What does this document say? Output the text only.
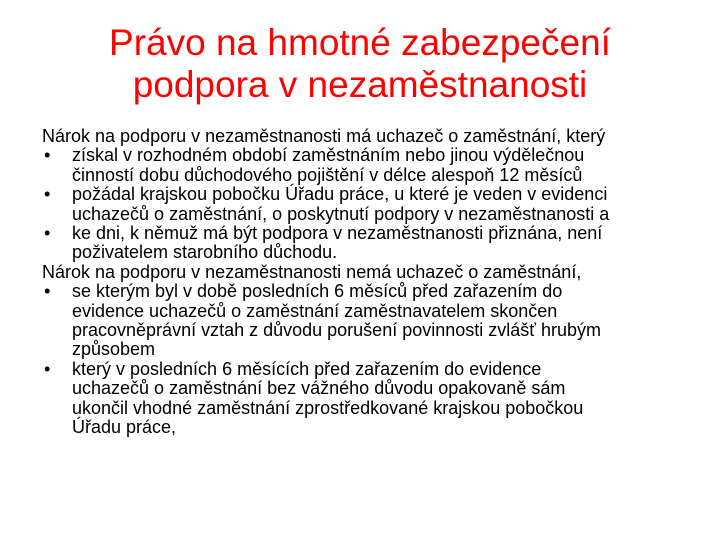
Právo na hmotné zabezpečení
podpora v nezaměstnanosti

Nárok na podporu v nezaměstnanosti má uchazeč o zaměstnání, který

• získal v rozhodném období zaměstnáním nebo jinou výdělečnou
činností dobu důchodového pojištění v délce alespoň 12 měsíců
• požádal krajskou pobočku Úřadu práce, u které je veden v evidenci
uchazečů o zaměstnání, o poskytnutí podpory v nezaměstnanosti a
• ke dni, k němuž má být podpora v nezaměstnanosti přiznána, není
poživatelem starobního důchodu.

Nárok na podporu v nezaměstnanosti nemá uchazeč o zaměstnání,

• se kterým byl v době posledních 6 měsíců před zařazením do
evidence uchazečů o zaměstnání zaměstnavatelem skončen
pracovněprávní vztah z důvodu porušení povinnosti zvlášť hrubým
způsobem
• který v posledních 6 měsících před zařazením do evidence
uchazečů o zaměstnání bez vážného důvodu opakovaně sám
ukončil vhodné zaměstnání zprostředkované krajskou pobočkou
Úřadu práce,
